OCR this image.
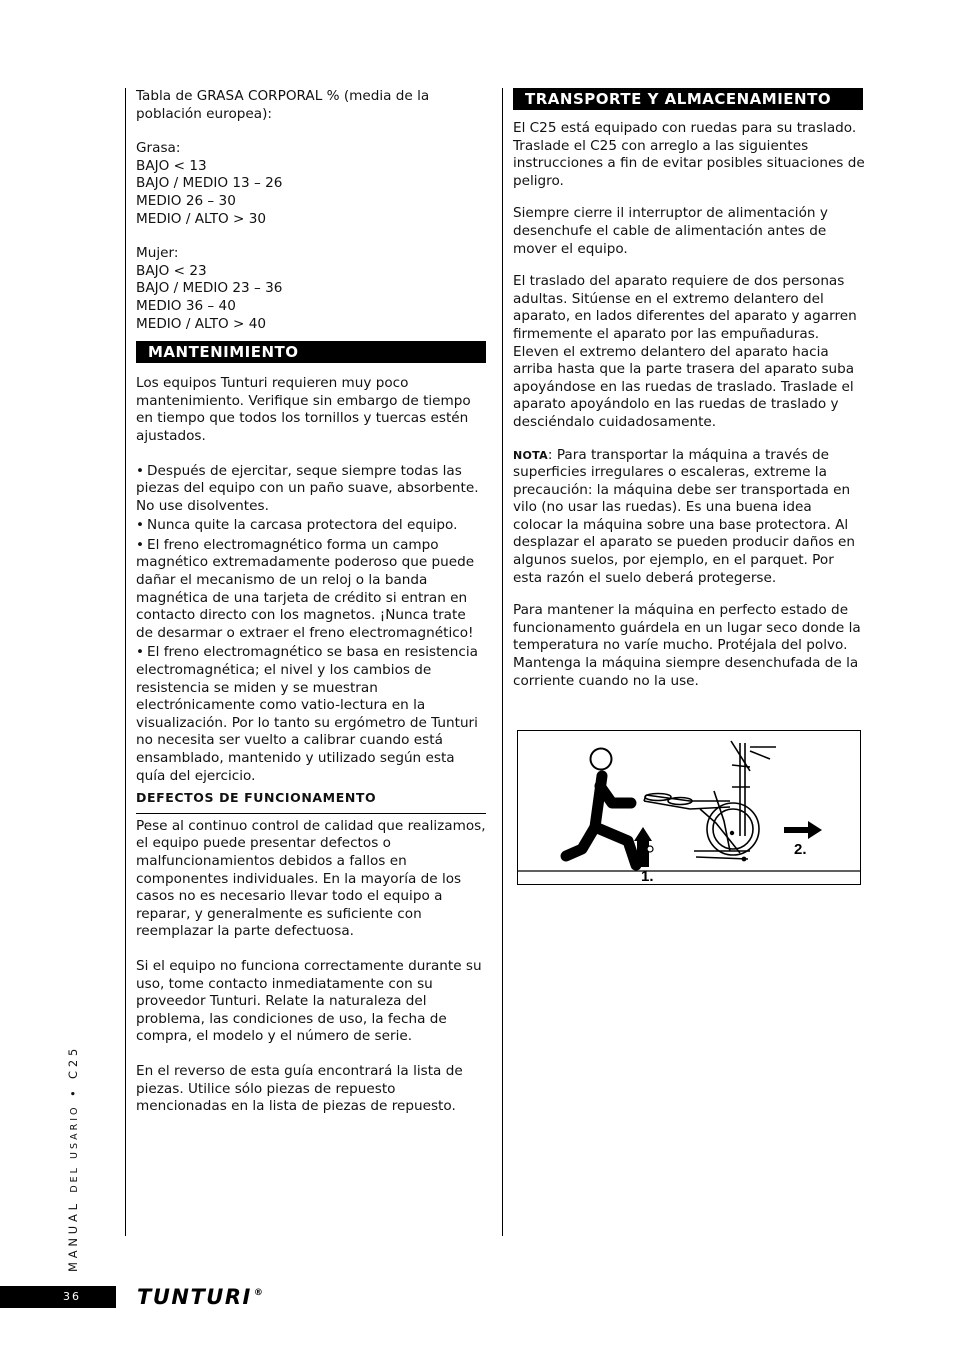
Tabla de GRASA CORPORAL % (media de la población europea):

Grasa:

BAJO < 13

BAJO / MEDIO 13 – 26

MEDIO 26 – 30

MEDIO / ALTO > 30

Mujer:

BAJO < 23

BAJO / MEDIO 23 – 36

MEDIO 36 – 40

MEDIO / ALTO > 40

MANTENIMIENTO

Los equipos Tunturi requieren muy poco mantenimiento. Verifique sin embargo de tiempo en tiempo que todos los tornillos y tuercas estén ajustados.

• Después de ejercitar, seque siempre todas las piezas del equipo con un paño suave, absorbente. No use disolventes.

• Nunca quite la carcasa protectora del equipo.

• El freno electromagnético forma un campo magnético extremadamente poderoso que puede dañar el mecanismo de un reloj o la banda magnética de una tarjeta de crédito si entran en contacto directo con los magnetos. ¡Nunca trate de desarmar o extraer el freno electromagnético!

• El freno electromagnético se basa en resistencia electromagnética; el nivel y los cambios de resistencia se miden y se muestran electrónicamente como vatio-lectura en la visualización. Por lo tanto su ergómetro de Tunturi no necesita ser vuelto a calibrar cuando está ensamblado, mantenido y utilizado según esta quía del ejercicio.

DEFECTOS DE FUNCIONAMENTO

Pese al continuo control de calidad que realizamos, el equipo puede presentar defectos o malfuncionamientos debidos a fallos en componentes individuales. En la mayoría de los casos no es necesario llevar todo el equipo a reparar, y generalmente es suficiente con reemplazar la parte defectuosa.

Si el equipo no funciona correctamente durante su uso, tome contacto inmediatamente con su proveedor Tunturi. Relate la naturaleza del problema, las condiciones de uso, la fecha de compra, el modelo y el número de serie.

En el reverso de esta guía encontrará la lista de piezas. Utilice sólo piezas de repuesto mencionadas en la lista de piezas de repuesto.

TRANSPORTE Y ALMACENAMIENTO

El C25 está equipado con ruedas para su traslado. Traslade el C25 con arreglo a las siguientes instrucciones a fin de evitar posibles situaciones de peligro.

Siempre cierre il interruptor de alimentación y desenchufe el cable de alimentación antes de mover el equipo.

El traslado del aparato requiere de dos personas adultas. Sitúense en el extremo delantero del aparato, en lados diferentes del aparato y agarren firmemente el aparato por las empuñaduras. Eleven el extremo delantero del aparato hacia arriba hasta que la parte trasera del aparato suba apoyándose en las ruedas de traslado. Traslade el aparato apoyándolo en las ruedas de traslado y desciéndalo cuidadosamente.

NOTA: Para transportar la máquina a través de superficies irregulares o escaleras, extreme la precaución: la máquina debe ser transportada en vilo (no usar las ruedas). Es una buena idea colocar la máquina sobre una base protectora. Al desplazar el aparato se pueden producir daños en algunos suelos, por ejemplo, en el parquet. Por esta razón el suelo deberá protegerse.

Para mantener la máquina en perfecto estado de funcionamento guárdela en un lugar seco donde la temperatura no varíe mucho. Protéjala del polvo. Mantenga la máquina siempre desenchufada de la corriente cuando no la use.

1.
2.
MANUAL DEL USARIO • C25
36	TUNTURI ®
